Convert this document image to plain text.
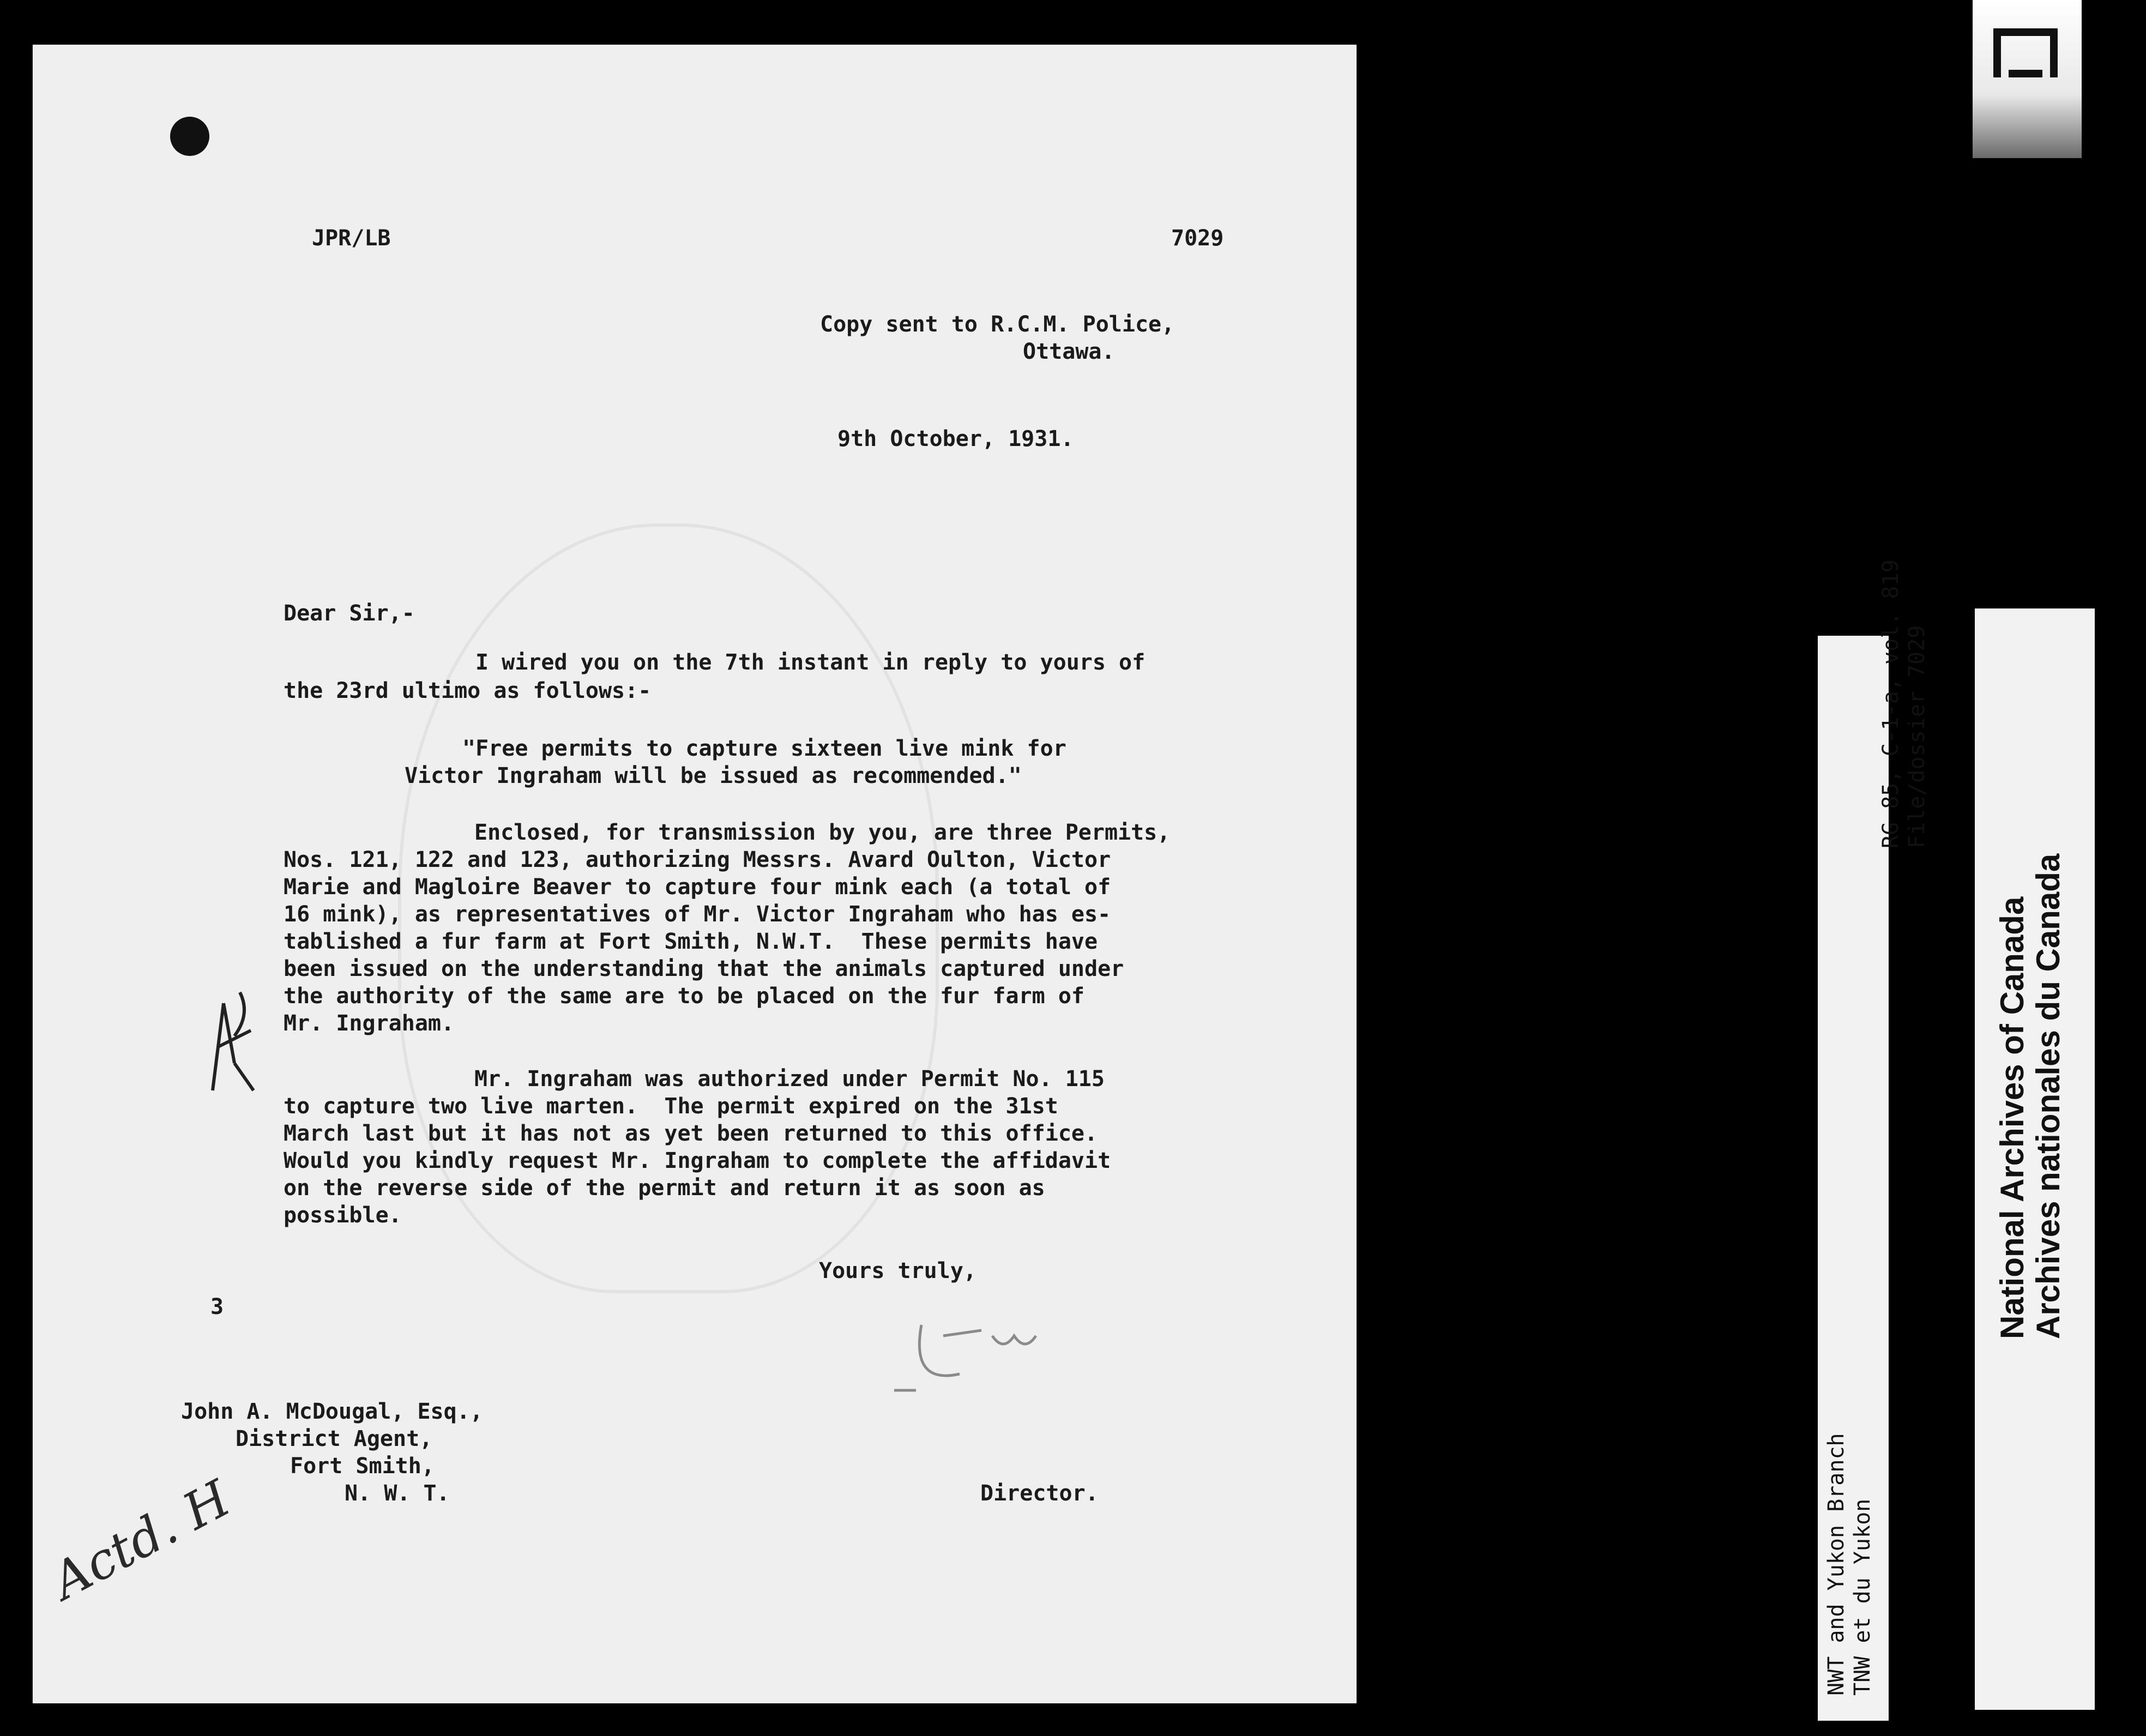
JPR/LB	7029
Copy sent to R.C.M. Police,
Ottawa.
9th October, 1931.
Dear Sir,-
I wired you on the 7th instant in reply to yours of
the 23rd ultimo as follows:-
"Free permits to capture sixteen live mink for
Victor Ingraham will be issued as recommended."
Enclosed, for transmission by you, are three Permits,
Nos. 121, 122 and 123, authorizing Messrs. Avard Oulton, Victor
Marie and Magloire Beaver to capture four mink each (a total of
16 mink), as representatives of Mr. Victor Ingraham who has es-
tablished a fur farm at Fort Smith, N.W.T.  These permits have
been issued on the understanding that the animals captured under
the authority of the same are to be placed on the fur farm of
Mr. Ingraham.
Mr. Ingraham was authorized under Permit No. 115
to capture two live marten.  The permit expired on the 31st
March last but it has not as yet been returned to this office.
Would you kindly request Mr. Ingraham to complete the affidavit
on the reverse side of the permit and return it as soon as
possible.
Yours truly,
3
John A. McDougal, Esq.,
District Agent,
Fort Smith,
N. W. T.	Director.
Actd. H	NWT and Yukon Branch TNW et du Yukon
RG 85, C-1-a, vol. 819 File/dossier 7029
National Archives of Canada Archives nationales du Canada
